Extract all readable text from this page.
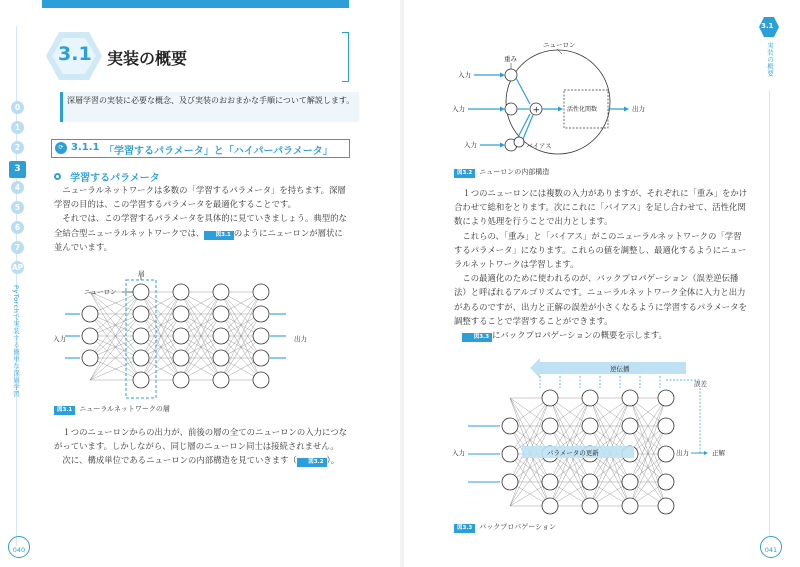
3.1 実装の概要
深層学習の実装に必要な概念、及び実装のおおまかな手順について解説します。
⟳ 3.1.1 「学習するパラメータ」と「ハイパーパラメータ」
学習するパラメータ

ニューラルネットワークは多数の「学習するパラメータ」を持ちます。深層学習の目的は、この学習するパラメータを最適化することです。

それでは、この学習するパラメータを具体的に見ていきましょう。典型的な全結合型ニューラルネットワークでは、 図3.1 のようにニューロンが層状に並んでいます。

層
ニューロン
入力	出力
図3.1 ニューラルネットワークの層

１つのニューロンからの出力が、前後の層の全てのニューロンの入力につながっています。しかしながら、同じ層のニューロン同士は接続されません。

次に、構成単位であるニューロンの内部構造を見ていきます（ 図3.2 ）。

0
1
2
3
4
5
6
7
AP
PyTorchで実装する簡単な深層学習
040
3.1
実装の概要
ニューロン
入力
重み
入力
入力
+
バイアス
活性化関数	出力
図3.2 ニューロンの内部構造

１つのニューロンには複数の入力がありますが、それぞれに「重み」をかけ合わせて総和をとります。次にこれに「バイアス」を足し合わせて、活性化関数により処理を行うことで出力とします。

これらの、「重み」と「バイアス」がこのニューラルネットワークの「学習するパラメータ」になります。これらの値を調整し、最適化するようにニューラルネットワークは学習します。

この最適化のために使われるのが、バックプロパゲーション（誤差逆伝播法）と呼ばれるアルゴリズムです。ニューラルネットワーク全体に入力と出力があるのですが、出力と正解の誤差が小さくなるように学習するパラメータを調整することで学習することができます。

図3.3 にバックプロパゲーションの概要を示します。

逆伝播
パラメータの更新
誤差
入力	出力	正解
図3.3 バックプロパゲーション
041
